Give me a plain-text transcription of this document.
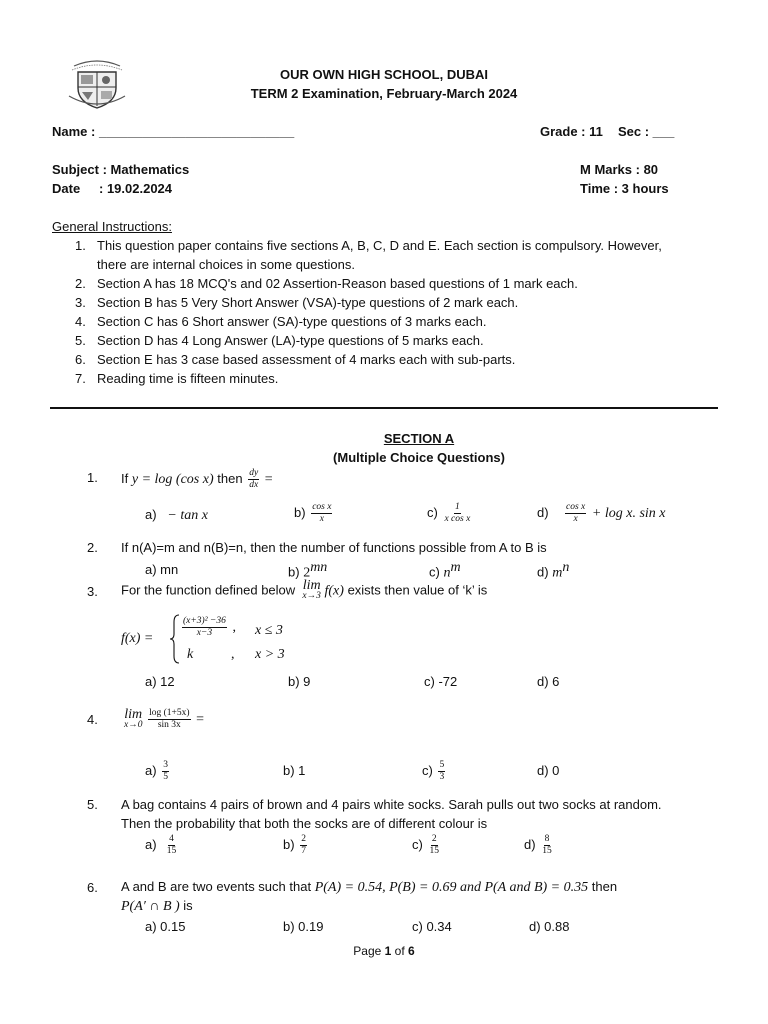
OUR OWN HIGH SCHOOL, DUBAI
TERM 2 Examination, February-March 2024
Name : ___________________________	Grade : 11 Sec : ___
Subject : Mathematics	M Marks : 80
Date : 19.02.2024	Time : 3 hours
General Instructions:
1. This question paper contains five sections A, B, C, D and E. Each section is compulsory. However,
there are internal choices in some questions.
2. Section A has 18 MCQ's and 02 Assertion-Reason based questions of 1 mark each.
3. Section B has 5 Very Short Answer (VSA)-type questions of 2 mark each.
4. Section C has 6 Short answer (SA)-type questions of 3 marks each.
5. Section D has 4 Long Answer (LA)-type questions of 5 marks each.
6. Section E has 3 case based assessment of 4 marks each with sub-parts.
7. Reading time is fifteen minutes.
SECTION A
(Multiple Choice Questions)
1. If y = log (cos x) then $\frac{dy}{dx}$ =
a) − tan x	$b) \frac{\text{cos x}}{x}$	$c) \frac{1}{\text{x cos x}}$	$d) \frac{\text{cos x}}{x} + \log x$. sin x
2. If n(A)=m and n(B)=n, then the number of functions possible from A to B is
a) mn	b) $2^{mn}$	c) $n^m$	d) $m^n$
3. For the function defined below lim
x→3 f(x) exists then value of ‘k’ is
f(x) =	$\frac{\text{(x+3)² −36}}{x-3}$ , x ≤ 3
k	, x > 3
a) 12	b) 9	c) -72	d) 6
4. lim
x→0
$\frac{\log (1+5x)}{\sin 3x}$ =
$a) \frac{3}{5}$	b) 1	$c) \frac{5}{3}$	d) 0
5. A bag contains 4 pairs of brown and 4 pairs white socks. Sarah pulls out two socks at random.
Then the probability that both the socks are of different colour is
$a) \frac{4}{15}$	$b) \frac{2}{7}$	$c) \frac{2}{15}$	$d) \frac{8}{15}$
6. A and B are two events such that P(A) = 0.54, P(B) = 0.69 and P(A and B) = 0.35 then
P(A′ ∩ B ) is
a) 0.15	b) 0.19	c) 0.34	d) 0.88
Page 1 of 6
